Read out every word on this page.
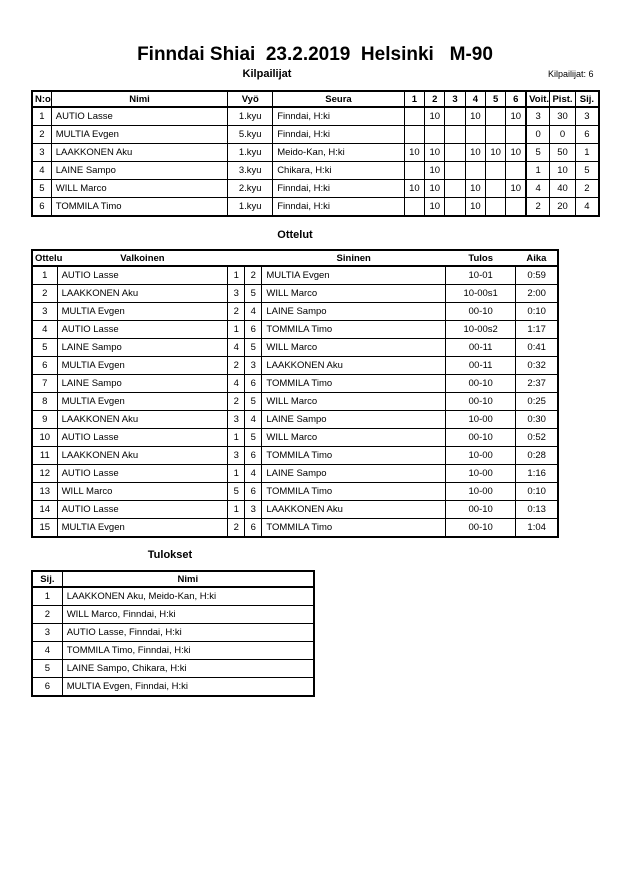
Finndai Shiai  23.2.2019  Helsinki   M-90
Kilpailijat	Kilpailijat: 6
N:o	Nimi	Vyö	Seura	1	2	3	4	5	6	Voit.	Pist.	Sij.
1	AUTIO Lasse	1.kyu	Finndai, H:ki		10		10		10	3	30	3
2	MULTIA Evgen	5.kyu	Finndai, H:ki							0	0	6
3	LAAKKONEN Aku	1.kyu	Meido-Kan, H:ki	10	10		10	10	10	5	50	1
4	LAINE Sampo	3.kyu	Chikara, H:ki		10					1	10	5
5	WILL Marco	2.kyu	Finndai, H:ki	10	10		10		10	4	40	2
6	TOMMILA Timo	1.kyu	Finndai, H:ki		10		10			2	20	4
Ottelut
Ottelu	Valkoinen			Sininen	Tulos	Aika
1	AUTIO Lasse	1	2	MULTIA Evgen	10-01	0:59
2	LAAKKONEN Aku	3	5	WILL Marco	10-00s1	2:00
3	MULTIA Evgen	2	4	LAINE Sampo	00-10	0:10
4	AUTIO Lasse	1	6	TOMMILA Timo	10-00s2	1:17
5	LAINE Sampo	4	5	WILL Marco	00-11	0:41
6	MULTIA Evgen	2	3	LAAKKONEN Aku	00-11	0:32
7	LAINE Sampo	4	6	TOMMILA Timo	00-10	2:37
8	MULTIA Evgen	2	5	WILL Marco	00-10	0:25
9	LAAKKONEN Aku	3	4	LAINE Sampo	10-00	0:30
10	AUTIO Lasse	1	5	WILL Marco	00-10	0:52
11	LAAKKONEN Aku	3	6	TOMMILA Timo	10-00	0:28
12	AUTIO Lasse	1	4	LAINE Sampo	10-00	1:16
13	WILL Marco	5	6	TOMMILA Timo	10-00	0:10
14	AUTIO Lasse	1	3	LAAKKONEN Aku	00-10	0:13
15	MULTIA Evgen	2	6	TOMMILA Timo	00-10	1:04
Tulokset
Sij.	Nimi
1	LAAKKONEN Aku, Meido-Kan, H:ki
2	WILL Marco, Finndai, H:ki
3	AUTIO Lasse, Finndai, H:ki
4	TOMMILA Timo, Finndai, H:ki
5	LAINE Sampo, Chikara, H:ki
6	MULTIA Evgen, Finndai, H:ki
